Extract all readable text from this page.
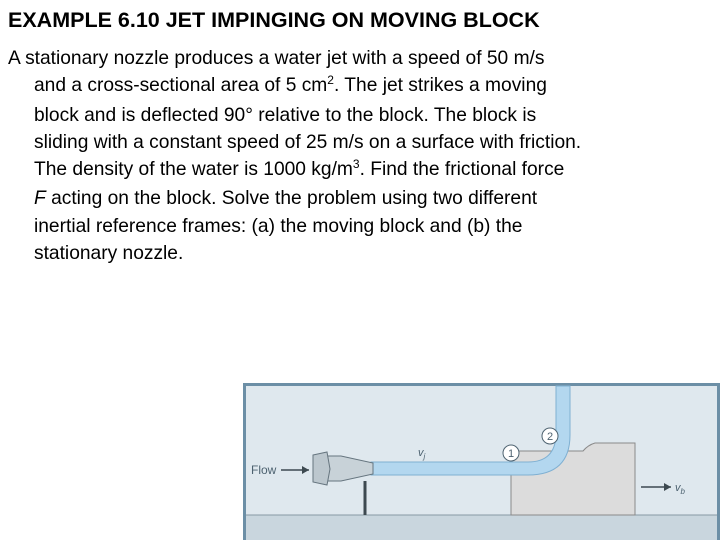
EXAMPLE 6.10 JET IMPINGING ON MOVING BLOCK
A stationary nozzle produces a water jet with a speed of 50 m/s
and a cross-sectional area of 5 $cm^2$. The jet strikes a moving
block and is deflected 90° relative to the block. The block is
sliding with a constant speed of 25 m/s on a surface with friction.
The density of the water is 1000 $kg/m^3$. Find the frictional force
F acting on the block. Solve the problem using two different
inertial reference frames: (a) the moving block and (b) the
stationary nozzle.
Flow
$v_j$	1
2
$v_b$
